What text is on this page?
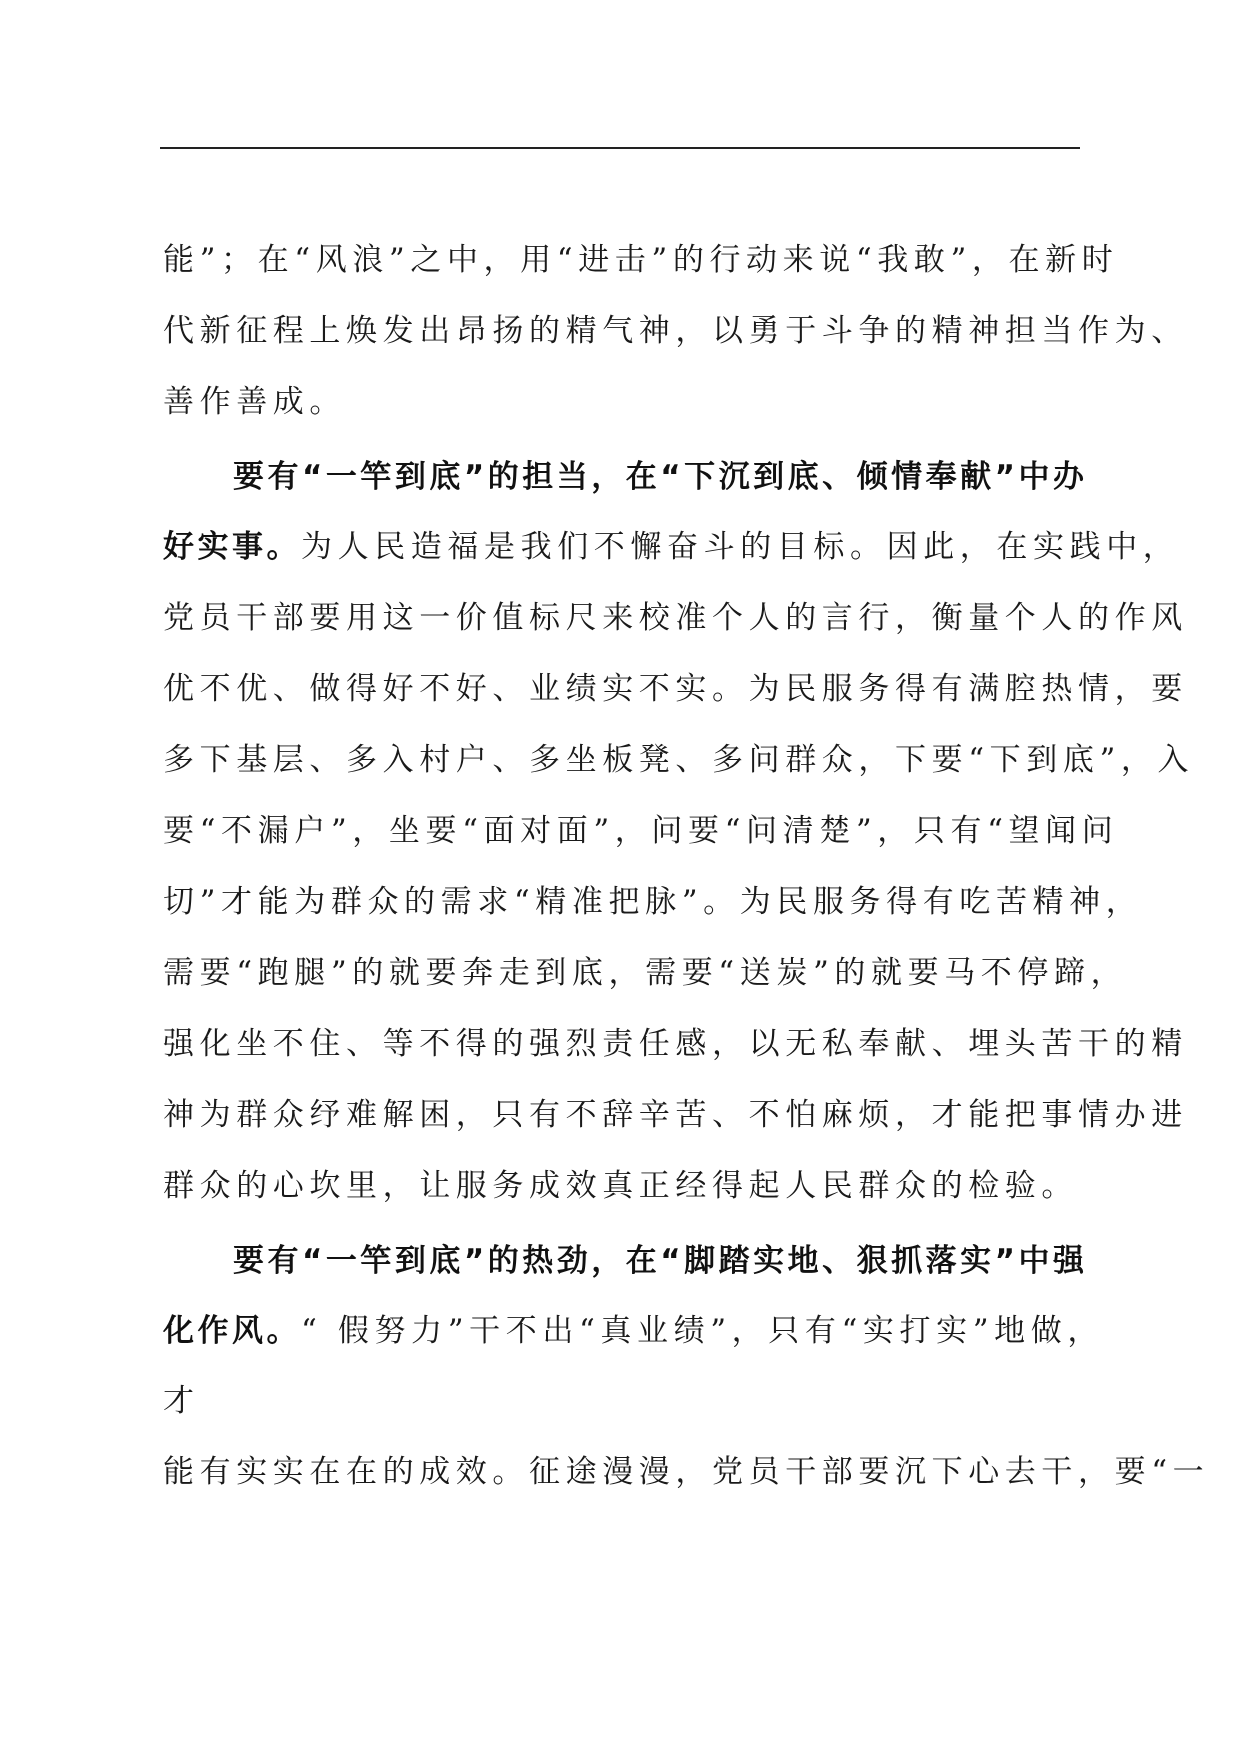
能”；在“风浪”之中，用“进击”的行动来说“我敢”，在新时
代新征程上焕发出昂扬的精气神，以勇于斗争的精神担当作为、
善作善成。
要有“一竿到底”的担当，在“下沉到底、倾情奉献”中办
好实事。为人民造福是我们不懈奋斗的目标。因此，在实践中，
党员干部要用这一价值标尺来校准个人的言行，衡量个人的作风
优不优、做得好不好、业绩实不实。为民服务得有满腔热情，要
多下基层、多入村户、多坐板凳、多问群众，下要“下到底”，入
要“不漏户”，坐要“面对面”，问要“问清楚”，只有“望闻问
切”才能为群众的需求“精准把脉”。为民服务得有吃苦精神，
需要“跑腿”的就要奔走到底，需要“送炭”的就要马不停蹄，
强化坐不住、等不得的强烈责任感，以无私奉献、埋头苦干的精
神为群众纾难解困，只有不辞辛苦、不怕麻烦，才能把事情办进
群众的心坎里，让服务成效真正经得起人民群众的检验。
要有“一竿到底”的热劲，在“脚踏实地、狠抓落实”中强
化作风。“ 假努力”干不出“真业绩”，只有“实打实”地做，
才
能有实实在在的成效。征途漫漫，党员干部要沉下心去干，要“一
